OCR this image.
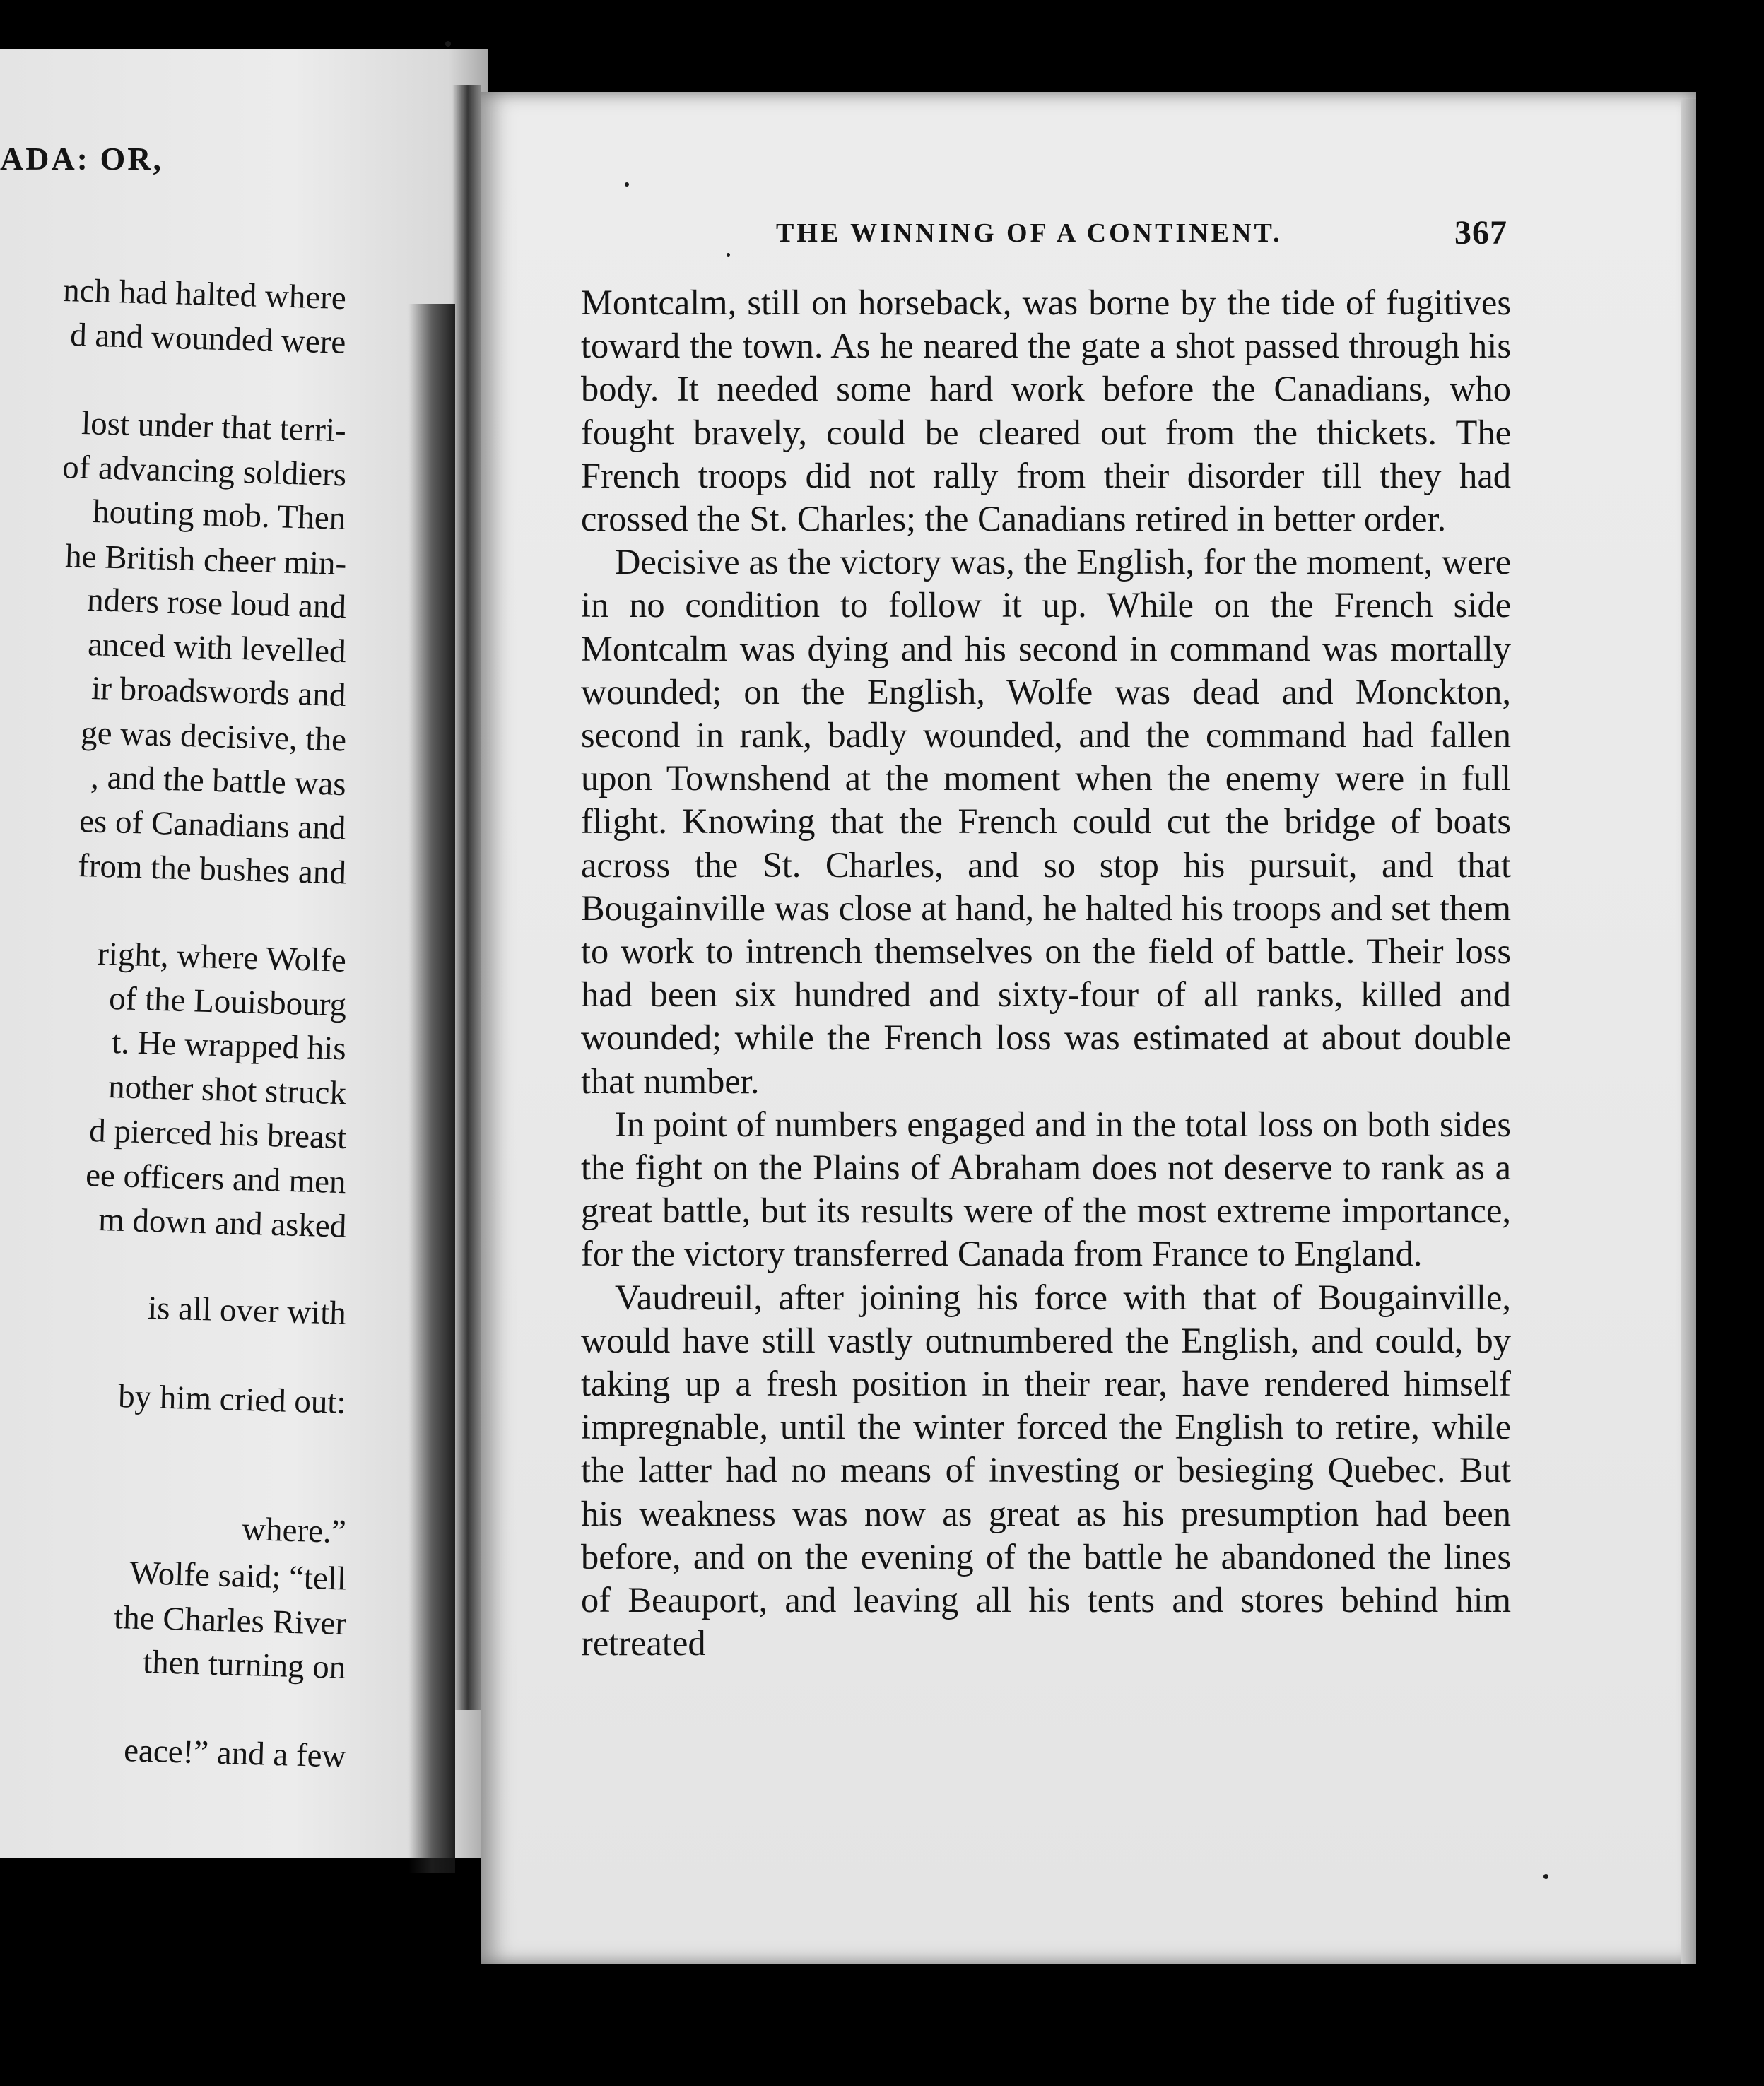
ADA: OR,
nch had halted where
d and wounded were
lost under that terri-
of advancing soldiers
houting mob. Then
he British cheer min-
nders rose loud and
anced with levelled
ir broadswords and
ge was decisive, the
, and the battle was
es of Canadians and
from the bushes and
right, where Wolfe
of the Louisbourg
t. He wrapped his
nother shot struck
d pierced his breast
ee officers and men
m down and asked
is all over with
by him cried out:
where.”
Wolfe said; “tell
the Charles River
then turning on
eace!” and a few
THE WINNING OF A CONTINENT.	367

Montcalm, still on horseback, was borne by the tide of fugitives toward the town. As he neared the gate a shot passed through his body. It needed some hard work before the Canadians, who fought bravely, could be cleared out from the thickets. The French troops did not rally from their disorder till they had crossed the St. Charles; the Canadians retired in better order.

Decisive as the victory was, the English, for the moment, were in no condition to follow it up. While on the French side Montcalm was dying and his second in command was mortally wounded; on the English, Wolfe was dead and Monckton, second in rank, badly wounded, and the command had fallen upon Townshend at the moment when the enemy were in full flight. Knowing that the French could cut the bridge of boats across the St. Charles, and so stop his pursuit, and that Bougainville was close at hand, he halted his troops and set them to work to intrench themselves on the field of battle. Their loss had been six hundred and sixty-four of all ranks, killed and wounded; while the French loss was estimated at about double that number.

In point of numbers engaged and in the total loss on both sides the fight on the Plains of Abraham does not deserve to rank as a great battle, but its results were of the most extreme importance, for the victory transferred Canada from France to England.

Vaudreuil, after joining his force with that of Bougainville, would have still vastly outnumbered the English, and could, by taking up a fresh position in their rear, have rendered himself impregnable, until the winter forced the English to retire, while the latter had no means of investing or besieging Quebec. But his weakness was now as great as his presumption had been before, and on the evening of the battle he abandoned the lines of Beauport, and leaving all his tents and stores behind him retreated
